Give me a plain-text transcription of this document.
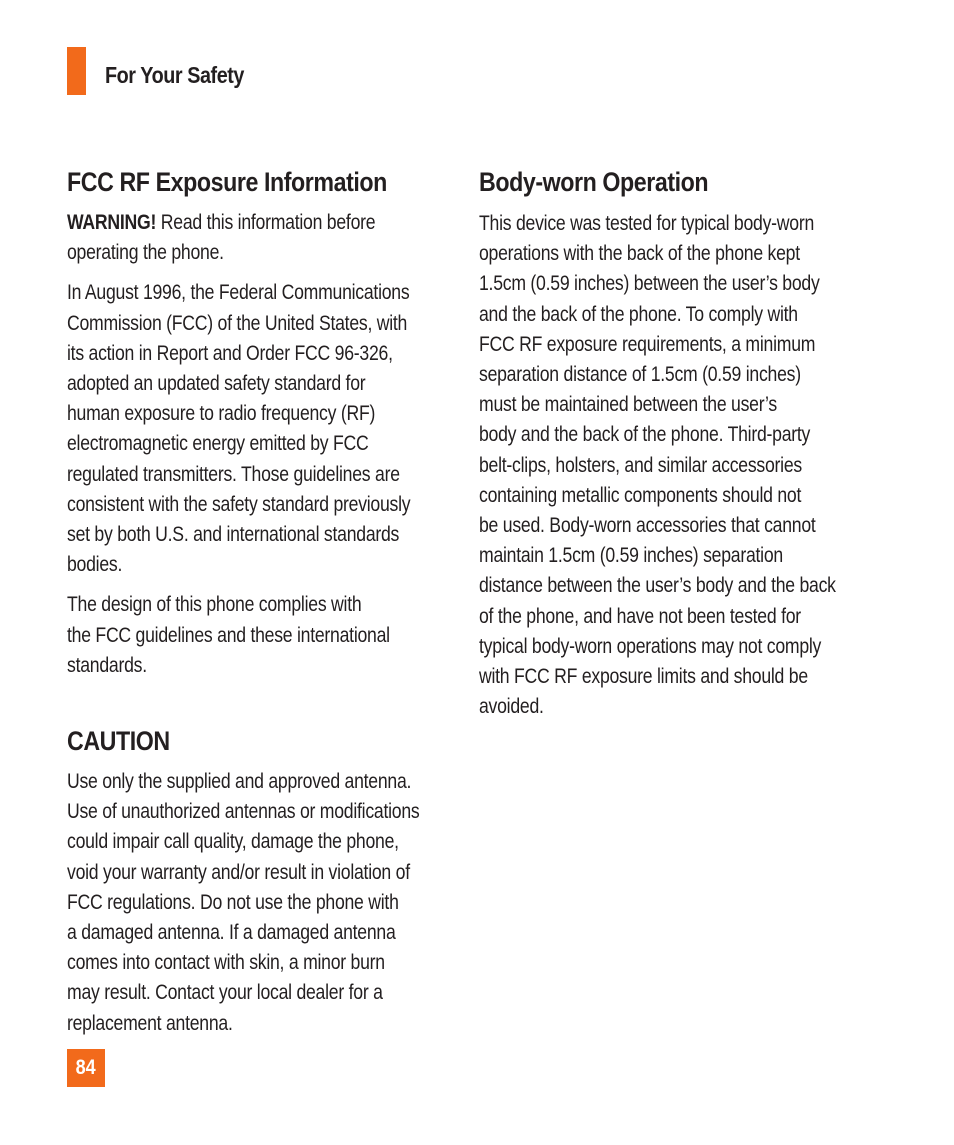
For Your Safety
FCC RF Exposure Information

WARNING! Read this information before
operating the phone.

In August 1996, the Federal Communications
Commission (FCC) of the United States, with
its action in Report and Order FCC 96-326,
adopted an updated safety standard for
human exposure to radio frequency (RF)
electromagnetic energy emitted by FCC
regulated transmitters. Those guidelines are
consistent with the safety standard previously
set by both U.S. and international standards
bodies.

The design of this phone complies with
the FCC guidelines and these international
standards.

CAUTION

Use only the supplied and approved antenna.
Use of unauthorized antennas or modifications
could impair call quality, damage the phone,
void your warranty and/or result in violation of
FCC regulations. Do not use the phone with
a damaged antenna. If a damaged antenna
comes into contact with skin, a minor burn
may result. Contact your local dealer for a
replacement antenna.

Body-worn Operation

This device was tested for typical body-worn
operations with the back of the phone kept
1.5cm (0.59 inches) between the user’s body
and the back of the phone. To comply with
FCC RF exposure requirements, a minimum
separation distance of 1.5cm (0.59 inches)
must be maintained between the user’s
body and the back of the phone. Third-party
belt-clips, holsters, and similar accessories
containing metallic components should not
be used. Body-worn accessories that cannot
maintain 1.5cm (0.59 inches) separation
distance between the user’s body and the back
of the phone, and have not been tested for
typical body-worn operations may not comply
with FCC RF exposure limits and should be
avoided.

84
